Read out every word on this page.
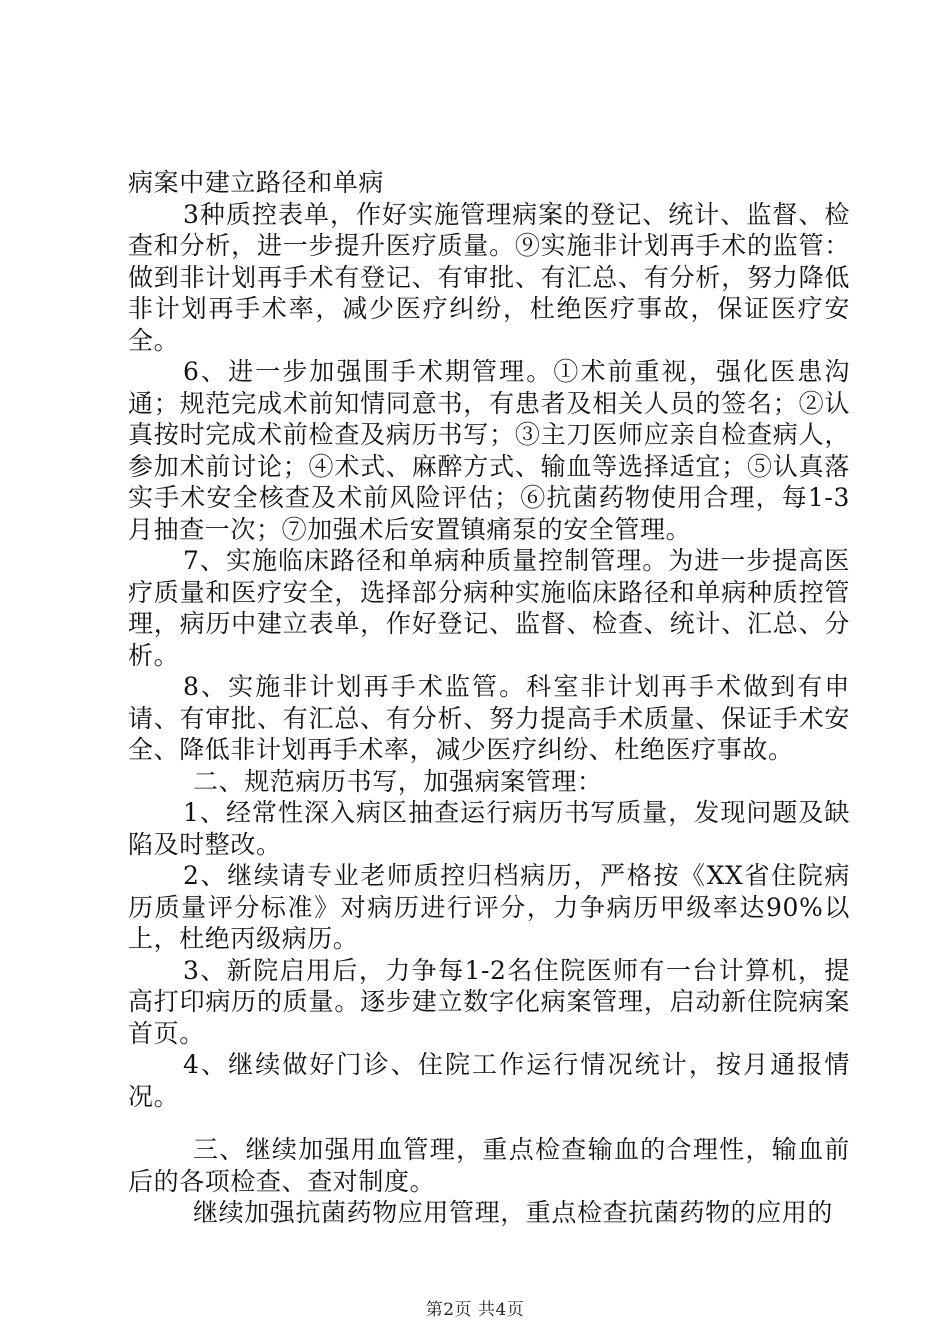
病案中建立路径和单病

3种质控表单，作好实施管理病案的登记、统计、监督、检查和分析，进一步提升医疗质量。⑨实施非计划再手术的监管：做到非计划再手术有登记、有审批、有汇总、有分析，努力降低非计划再手术率，减少医疗纠纷，杜绝医疗事故，保证医疗安全。

6、进一步加强围手术期管理。①术前重视，强化医患沟通；规范完成术前知情同意书，有患者及相关人员的签名；②认真按时完成术前检查及病历书写；③主刀医师应亲自检查病人，参加术前讨论；④术式、麻醉方式、输血等选择适宜；⑤认真落实手术安全核查及术前风险评估；⑥抗菌药物使用合理，每1-3月抽查一次；⑦加强术后安置镇痛泵的安全管理。

7、实施临床路径和单病种质量控制管理。为进一步提高医疗质量和医疗安全，选择部分病种实施临床路径和单病种质控管理，病历中建立表单，作好登记、监督、检查、统计、汇总、分析。

8、实施非计划再手术监管。科室非计划再手术做到有申请、有审批、有汇总、有分析、努力提高手术质量、保证手术安全、降低非计划再手术率，减少医疗纠纷、杜绝医疗事故。

二、规范病历书写，加强病案管理：

1、经常性深入病区抽查运行病历书写质量，发现问题及缺陷及时整改。

2、继续请专业老师质控归档病历，严格按《XX省住院病历质量评分标准》对病历进行评分，力争病历甲级率达90%以上，杜绝丙级病历。

3、新院启用后，力争每1-2名住院医师有一台计算机，提高打印病历的质量。逐步建立数字化病案管理，启动新住院病案首页。

4、继续做好门诊、住院工作运行情况统计，按月通报情况。

三、继续加强用血管理，重点检查输血的合理性，输血前后的各项检查、查对制度。

继续加强抗菌药物应用管理，重点检查抗菌药物的应用的

第2页 共4页
